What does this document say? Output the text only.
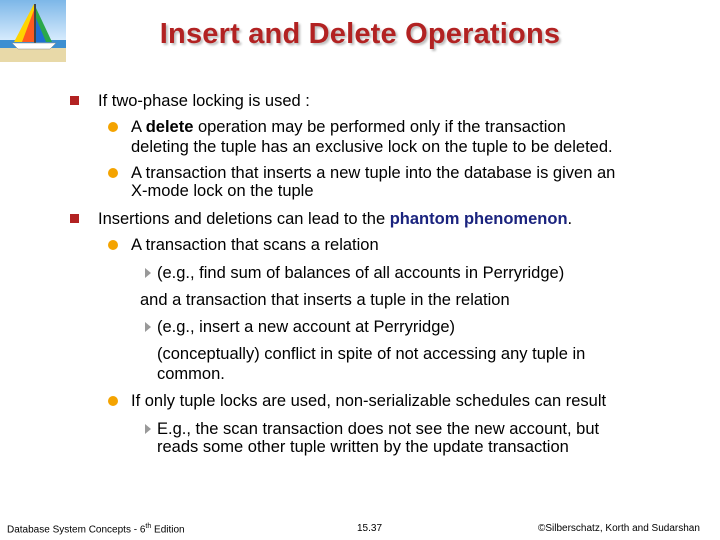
Insert and Delete Operations
If two-phase locking is used :
A delete operation may be performed only if the transaction
deleting the tuple has an exclusive lock on the tuple to be deleted.
A transaction that inserts a new tuple into the database is given an
X-mode lock on the tuple
Insertions and deletions can lead to the phantom phenomenon.
A transaction that scans a relation
(e.g., find sum of balances of all accounts in Perryridge)
and a transaction that inserts a tuple in the relation
(e.g., insert a new account at Perryridge)
(conceptually) conflict in spite of not accessing any tuple in
common.
If only tuple locks are used, non-serializable schedules can result
E.g., the scan transaction does not see the new account, but
reads some other tuple written by the update transaction
Database System Concepts - 6th Edition	15.37	©Silberschatz, Korth and Sudarshan
